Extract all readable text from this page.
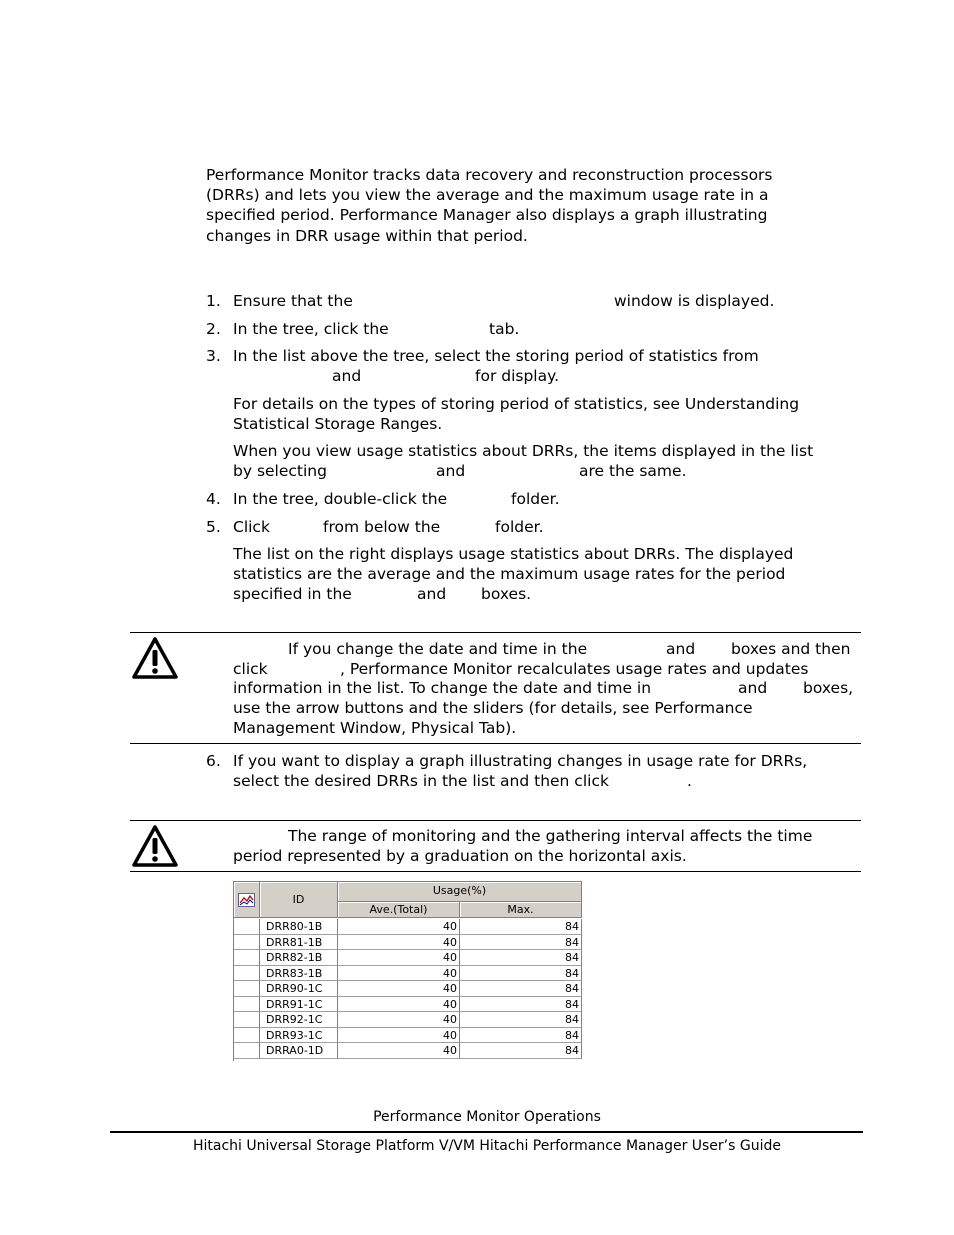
Performance Monitor tracks data recovery and reconstruction processors
(DRRs) and lets you view the average and the maximum usage rate in a
specified period. Performance Manager also displays a graph illustrating
changes in DRR usage within that period.
1. Ensure that the	window is displayed.
2. In the tree, click the	tab.
3. In the list above the tree, select the storing period of statistics from
and	for display.
For details on the types of storing period of statistics, see Understanding
Statistical Storage Ranges.
When you view usage statistics about DRRs, the items displayed in the list
by selecting	and	are the same.
4. In the tree, double-click the	folder.
5. Click	from below the	folder.
The list on the right displays usage statistics about DRRs. The displayed
statistics are the average and the maximum usage rates for the period
specified in the	and boxes.
If you change the date and time in the	and boxes and then
click	, Performance Monitor recalculates usage rates and updates
information in the list. To change the date and time in	and boxes,
use the arrow buttons and the sliders (for details, see Performance
Management Window, Physical Tab).
6. If you want to display a graph illustrating changes in usage rate for DRRs,
select the desired DRRs in the list and then click	.
The range of monitoring and the gathering interval affects the time
period represented by a graduation on the horizontal axis.
ID
Usage(%)
Ave.(Total)	Max.
DRR80-1B	40	84
DRR81-1B	40	84
DRR82-1B	40	84
DRR83-1B	40	84
DRR90-1C	40	84
DRR91-1C	40	84
DRR92-1C	40	84
DRR93-1C	40	84
DRRA0-1D	40	84
Performance Monitor Operations
Hitachi Universal Storage Platform V/VM Hitachi Performance Manager User’s Guide
